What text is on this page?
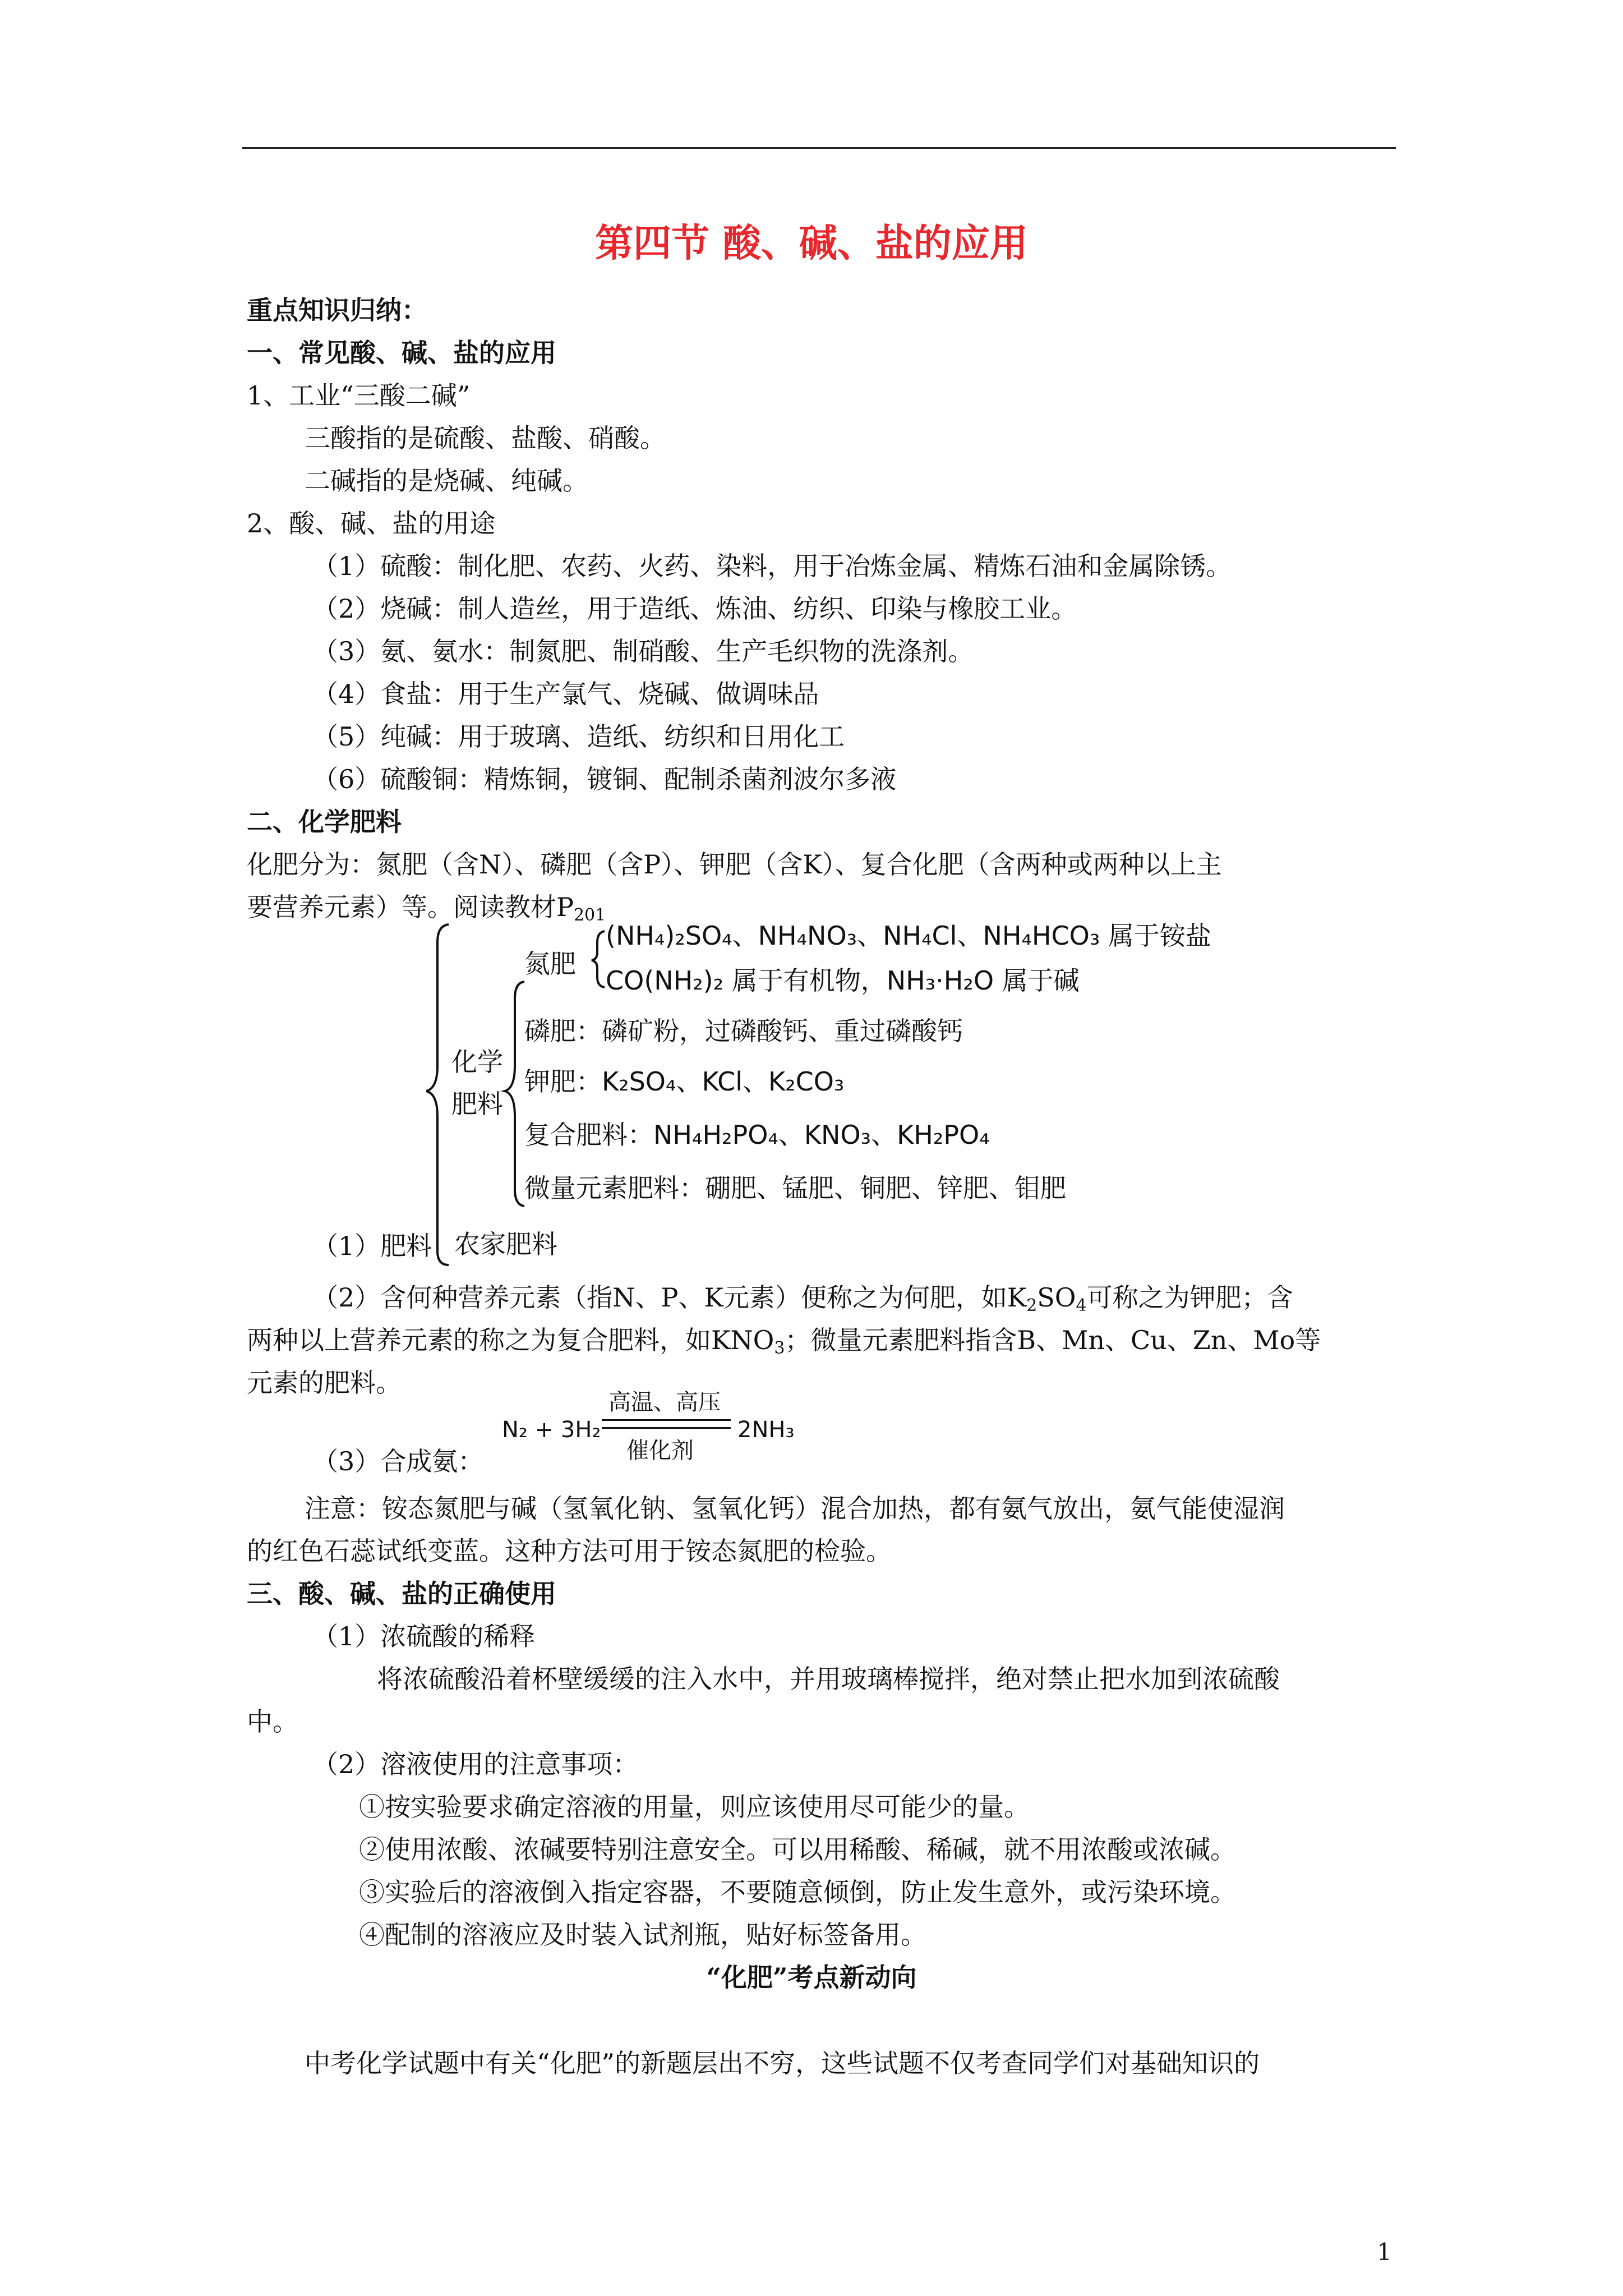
第四节 酸、碱、盐的应用
重点知识归纳：
一、常见酸、碱、盐的应用
1、工业“三酸二碱”
三酸指的是硫酸、盐酸、硝酸。
二碱指的是烧碱、纯碱。
2、酸、碱、盐的用途
（1）硫酸：制化肥、农药、火药、染料，用于冶炼金属、精炼石油和金属除锈。
（2）烧碱：制人造丝，用于造纸、炼油、纺织、印染与橡胶工业。
（3）氨、氨水：制氮肥、制硝酸、生产毛织物的洗涤剂。
（4）食盐：用于生产氯气、烧碱、做调味品
（5）纯碱：用于玻璃、造纸、纺织和日用化工
（6）硫酸铜：精炼铜，镀铜、配制杀菌剂波尔多液
二、化学肥料
化肥分为：氮肥（含N）、磷肥（含P）、钾肥（含K）、复合化肥（含两种或两种以上主
要营养元素）等。阅读教材$P_{201}$
化学
肥料
氮肥
(NH₄)₂SO₄、NH₄NO₃、NH₄Cl、NH₄HCO₃ 属于铵盐
CO(NH₂)₂ 属于有机物，NH₃·H₂O 属于碱
磷肥：磷矿粉，过磷酸钙、重过磷酸钙
钾肥：K₂SO₄、KCl、K₂CO₃
复合肥料：NH₄H₂PO₄、KNO₃、KH₂PO₄
微量元素肥料：硼肥、锰肥、铜肥、锌肥、钼肥
农家肥料
（1）肥料
（2）含何种营养元素（指N、P、K元素）便称之为何肥，如$K_2SO_4$可称之为钾肥；含
两种以上营养元素的称之为复合肥料，如$KNO_3$；微量元素肥料指含B、Mn、Cu、Zn、Mo等
元素的肥料。
（3）合成氨：
N₂ + 3H₂
高温、高压
催化剂
2NH₃
注意：铵态氮肥与碱（氢氧化钠、氢氧化钙）混合加热，都有氨气放出，氨气能使湿润
的红色石蕊试纸变蓝。这种方法可用于铵态氮肥的检验。
三、酸、碱、盐的正确使用
（1）浓硫酸的稀释
将浓硫酸沿着杯壁缓缓的注入水中，并用玻璃棒搅拌，绝对禁止把水加到浓硫酸
中。
（2）溶液使用的注意事项：
①按实验要求确定溶液的用量，则应该使用尽可能少的量。
②使用浓酸、浓碱要特别注意安全。可以用稀酸、稀碱，就不用浓酸或浓碱。
③实验后的溶液倒入指定容器，不要随意倾倒，防止发生意外，或污染环境。
④配制的溶液应及时装入试剂瓶，贴好标签备用。
“化肥”考点新动向
中考化学试题中有关“化肥”的新题层出不穷，这些试题不仅考查同学们对基础知识的
1
